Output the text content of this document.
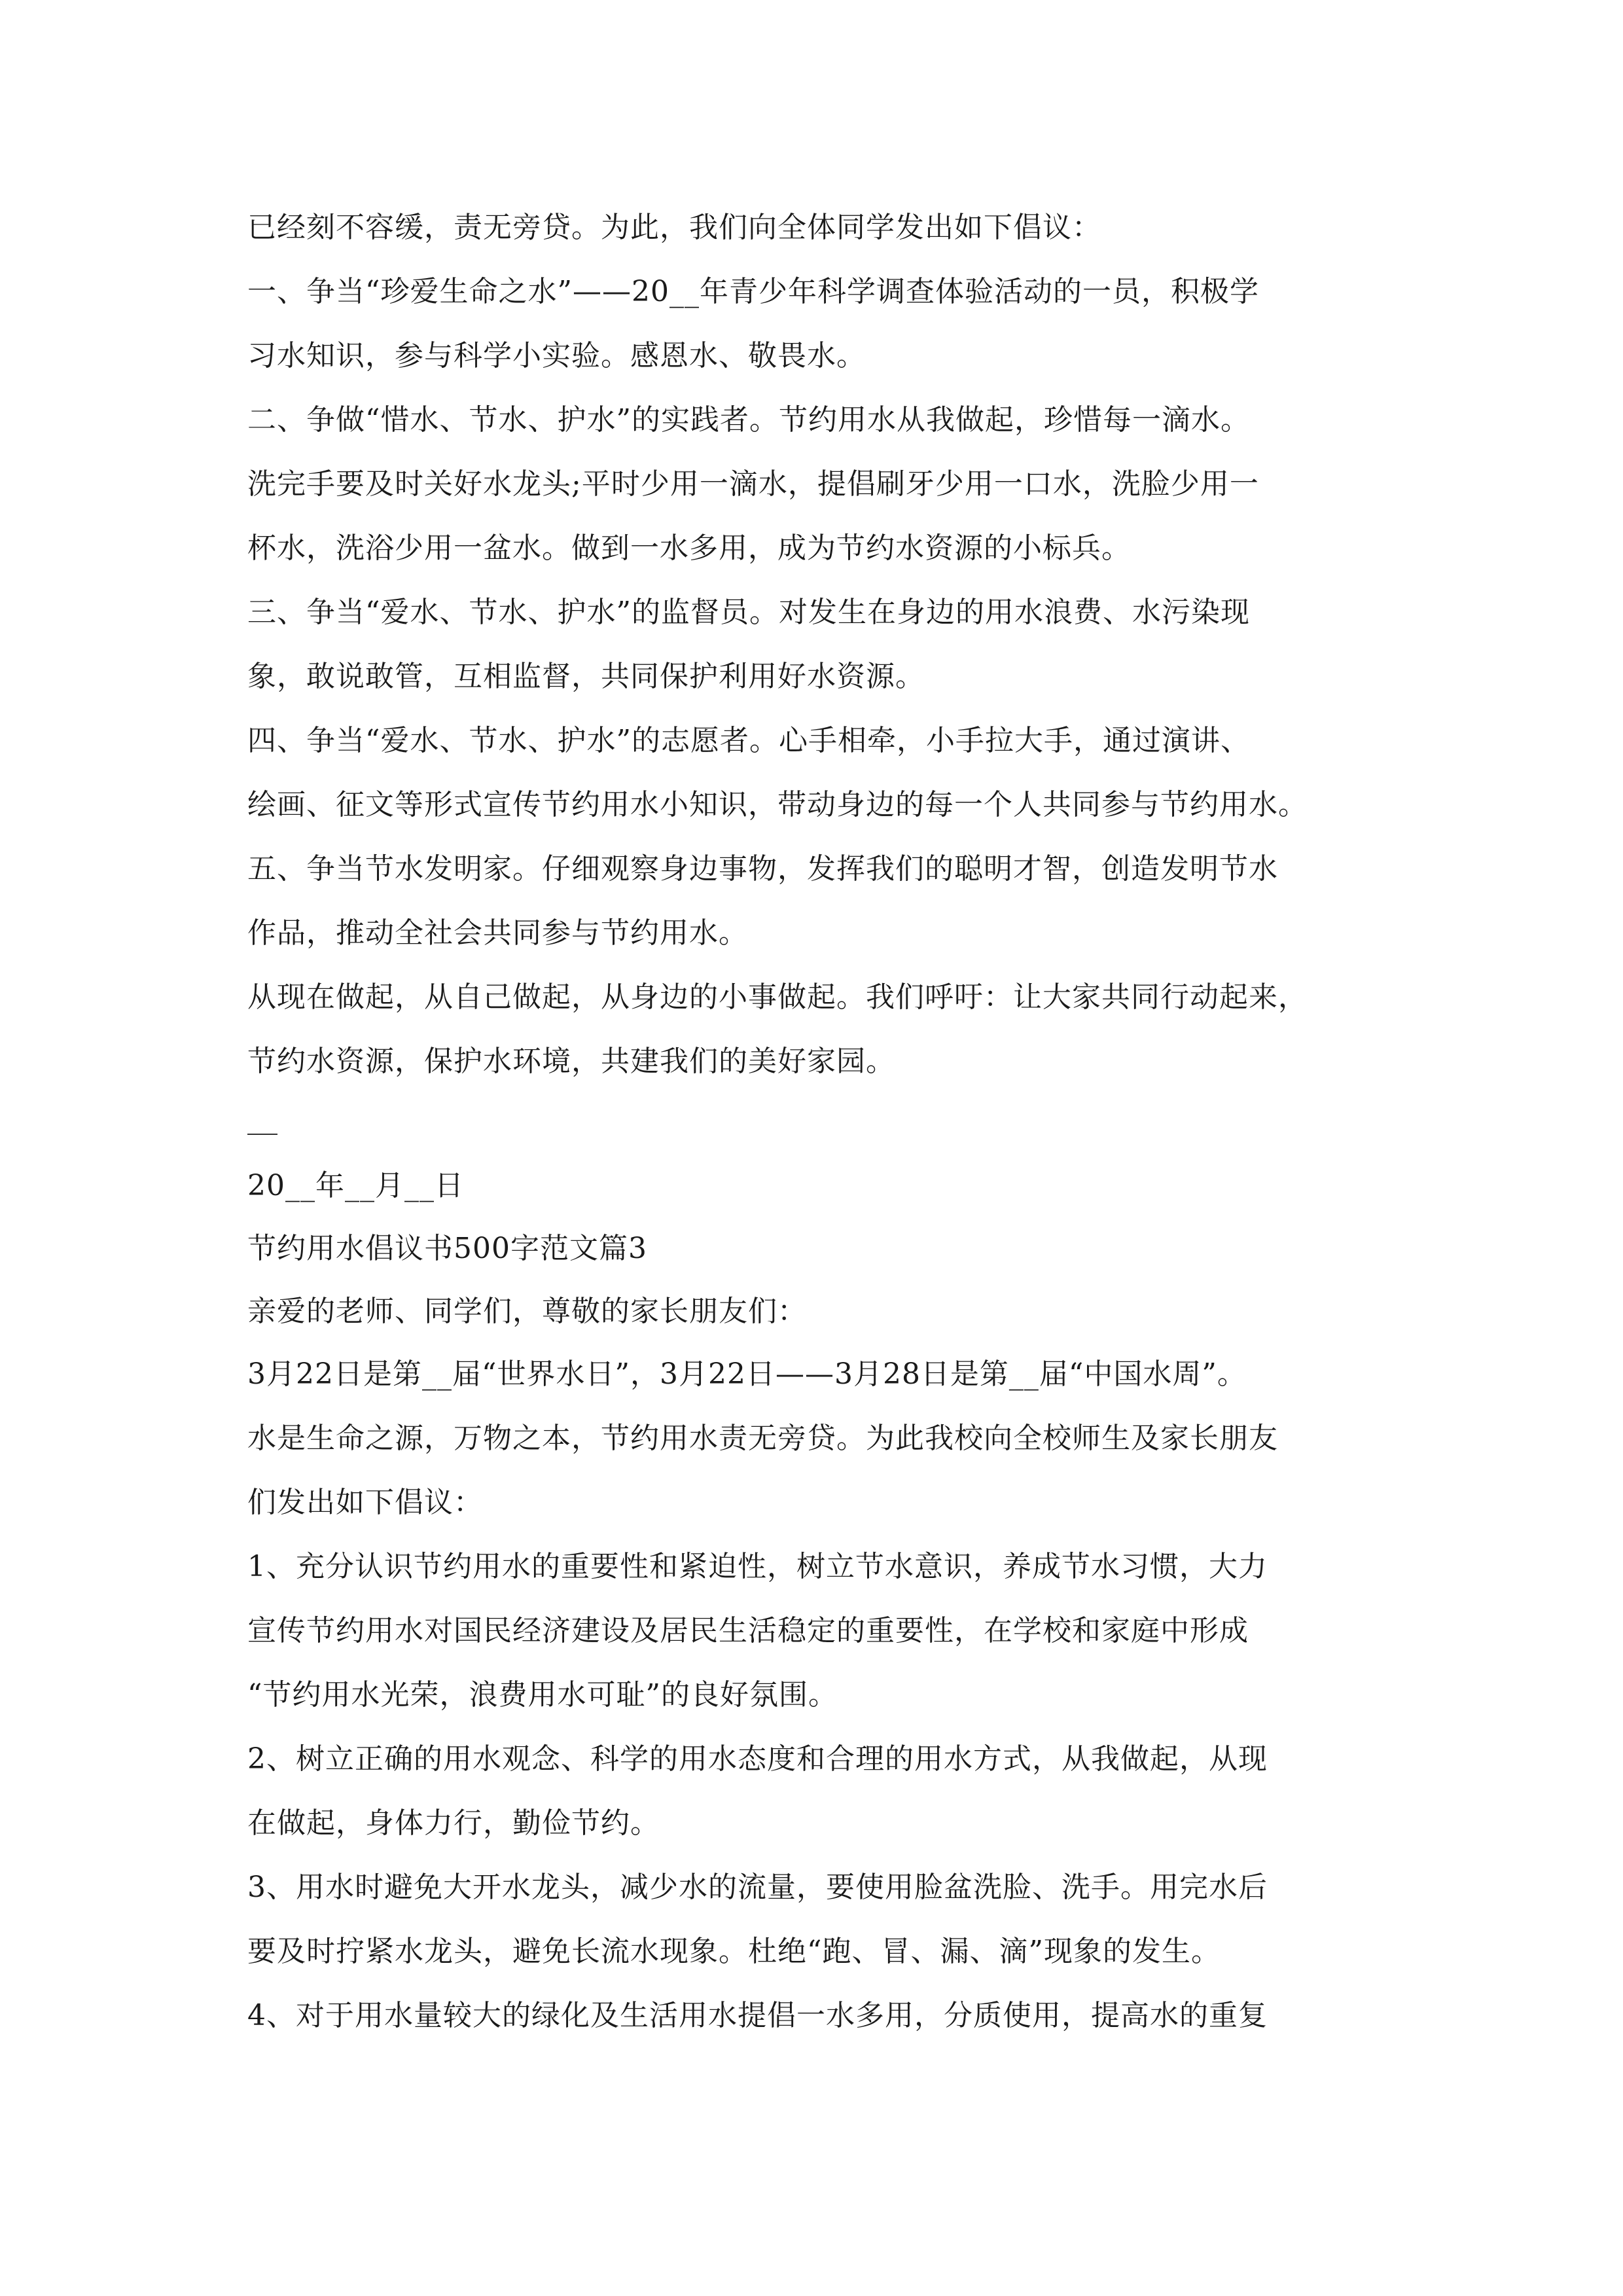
已经刻不容缓，责无旁贷。为此，我们向全体同学发出如下倡议：
一、争当“珍爱生命之水”——20__年青少年科学调查体验活动的一员，积极学
习水知识，参与科学小实验。感恩水、敬畏水。
二、争做“惜水、节水、护水”的实践者。节约用水从我做起，珍惜每一滴水。
洗完手要及时关好水龙头;平时少用一滴水，提倡刷牙少用一口水，洗脸少用一
杯水，洗浴少用一盆水。做到一水多用，成为节约水资源的小标兵。
三、争当“爱水、节水、护水”的监督员。对发生在身边的用水浪费、水污染现
象，敢说敢管，互相监督，共同保护利用好水资源。
四、争当“爱水、节水、护水”的志愿者。心手相牵，小手拉大手，通过演讲、
绘画、征文等形式宣传节约用水小知识，带动身边的每一个人共同参与节约用水。
五、争当节水发明家。仔细观察身边事物，发挥我们的聪明才智，创造发明节水
作品，推动全社会共同参与节约用水。
从现在做起，从自己做起，从身边的小事做起。我们呼吁：让大家共同行动起来，
节约水资源，保护水环境，共建我们的美好家园。
20__年__月__日
节约用水倡议书500字范文篇3
亲爱的老师、同学们，尊敬的家长朋友们：
3月22日是第__届“世界水日”，3月22日——3月28日是第__届“中国水周”。
水是生命之源，万物之本，节约用水责无旁贷。为此我校向全校师生及家长朋友
们发出如下倡议：
1、充分认识节约用水的重要性和紧迫性，树立节水意识，养成节水习惯，大力
宣传节约用水对国民经济建设及居民生活稳定的重要性，在学校和家庭中形成
“节约用水光荣，浪费用水可耻”的良好氛围。
2、树立正确的用水观念、科学的用水态度和合理的用水方式，从我做起，从现
在做起，身体力行，勤俭节约。
3、用水时避免大开水龙头，减少水的流量，要使用脸盆洗脸、洗手。用完水后
要及时拧紧水龙头，避免长流水现象。杜绝“跑、冒、漏、滴”现象的发生。
4、对于用水量较大的绿化及生活用水提倡一水多用，分质使用，提高水的重复
